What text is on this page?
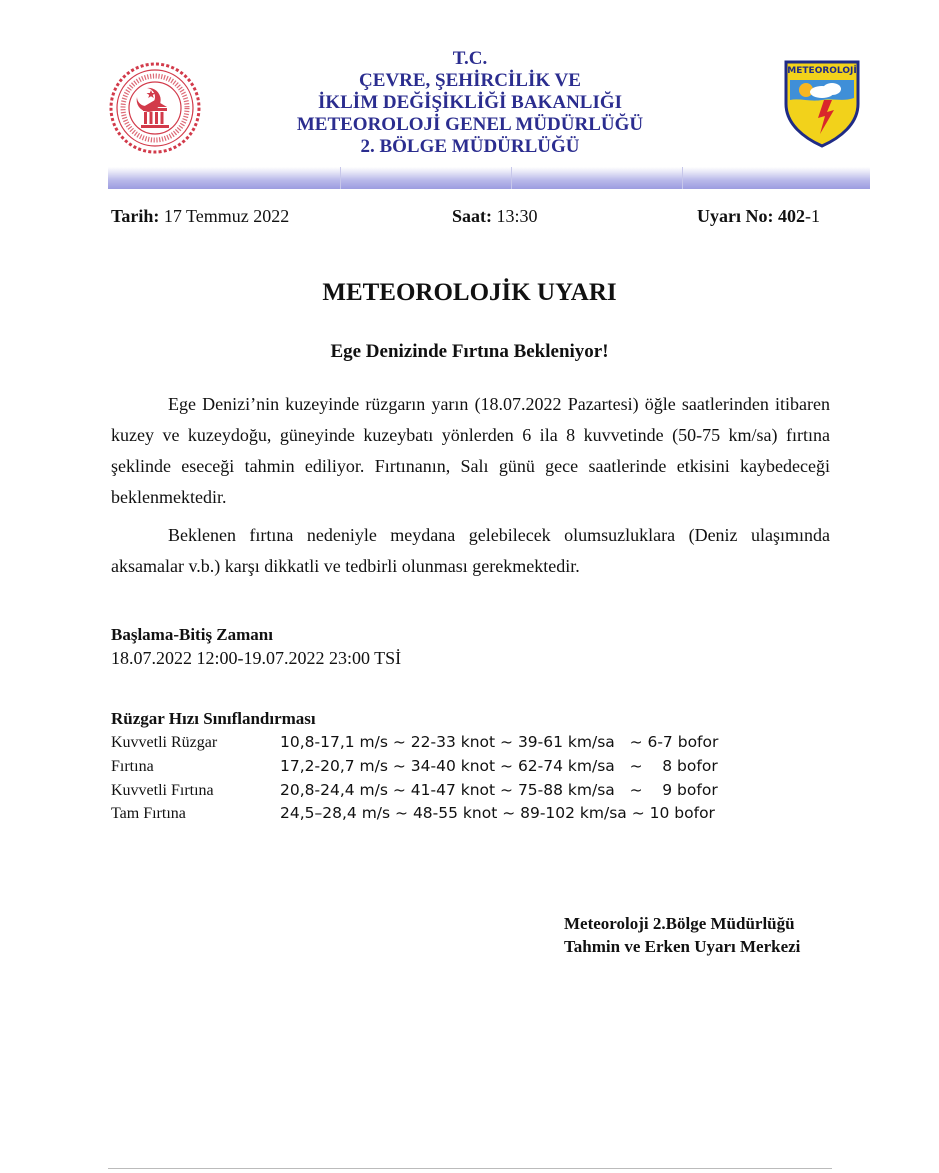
T.C.
ÇEVRE, ŞEHİRCİLİK VE
İKLİM DEĞİŞİKLİĞİ BAKANLIĞI
METEOROLOJİ GENEL MÜDÜRLÜĞÜ
2. BÖLGE MÜDÜRLÜĞÜ
METEOROLOJİ
Tarih: 17 Temmuz 2022	Saat: 13:30	Uyarı No: 402-1
METEOROLOJİK UYARI
Ege Denizinde Fırtına Bekleniyor!

Ege Denizi’nin kuzeyinde rüzgarın yarın (18.07.2022 Pazartesi) öğle saatlerinden itibaren kuzey ve kuzeydoğu, güneyinde kuzeybatı yönlerden 6 ila 8 kuvvetinde (50-75 km/sa) fırtına şeklinde eseceği tahmin ediliyor. Fırtınanın, Salı günü gece saatlerinde etkisini kaybedeceği beklenmektedir.

Beklenen fırtına nedeniyle meydana gelebilecek olumsuzluklara (Deniz ulaşımında aksamalar v.b.) karşı dikkatli ve tedbirli olunması gerekmektedir.

Başlama-Bitiş Zamanı
18.07.2022 12:00-19.07.2022 23:00 TSİ
Rüzgar Hızı Sınıflandırması
Kuvvetli Rüzgar	10,8-17,1 m/s ~ 22-33 knot ~ 39-61 km/sa   ~ 6-7 bofor
Fırtına	17,2-20,7 m/s ~ 34-40 knot ~ 62-74 km/sa   ~    8 bofor
Kuvvetli Fırtına	20,8-24,4 m/s ~ 41-47 knot ~ 75-88 km/sa   ~    9 bofor
Tam Fırtına	24,5–28,4 m/s ~ 48-55 knot ~ 89-102 km/sa ~ 10 bofor
Meteoroloji 2.Bölge Müdürlüğü
Tahmin ve Erken Uyarı Merkezi
